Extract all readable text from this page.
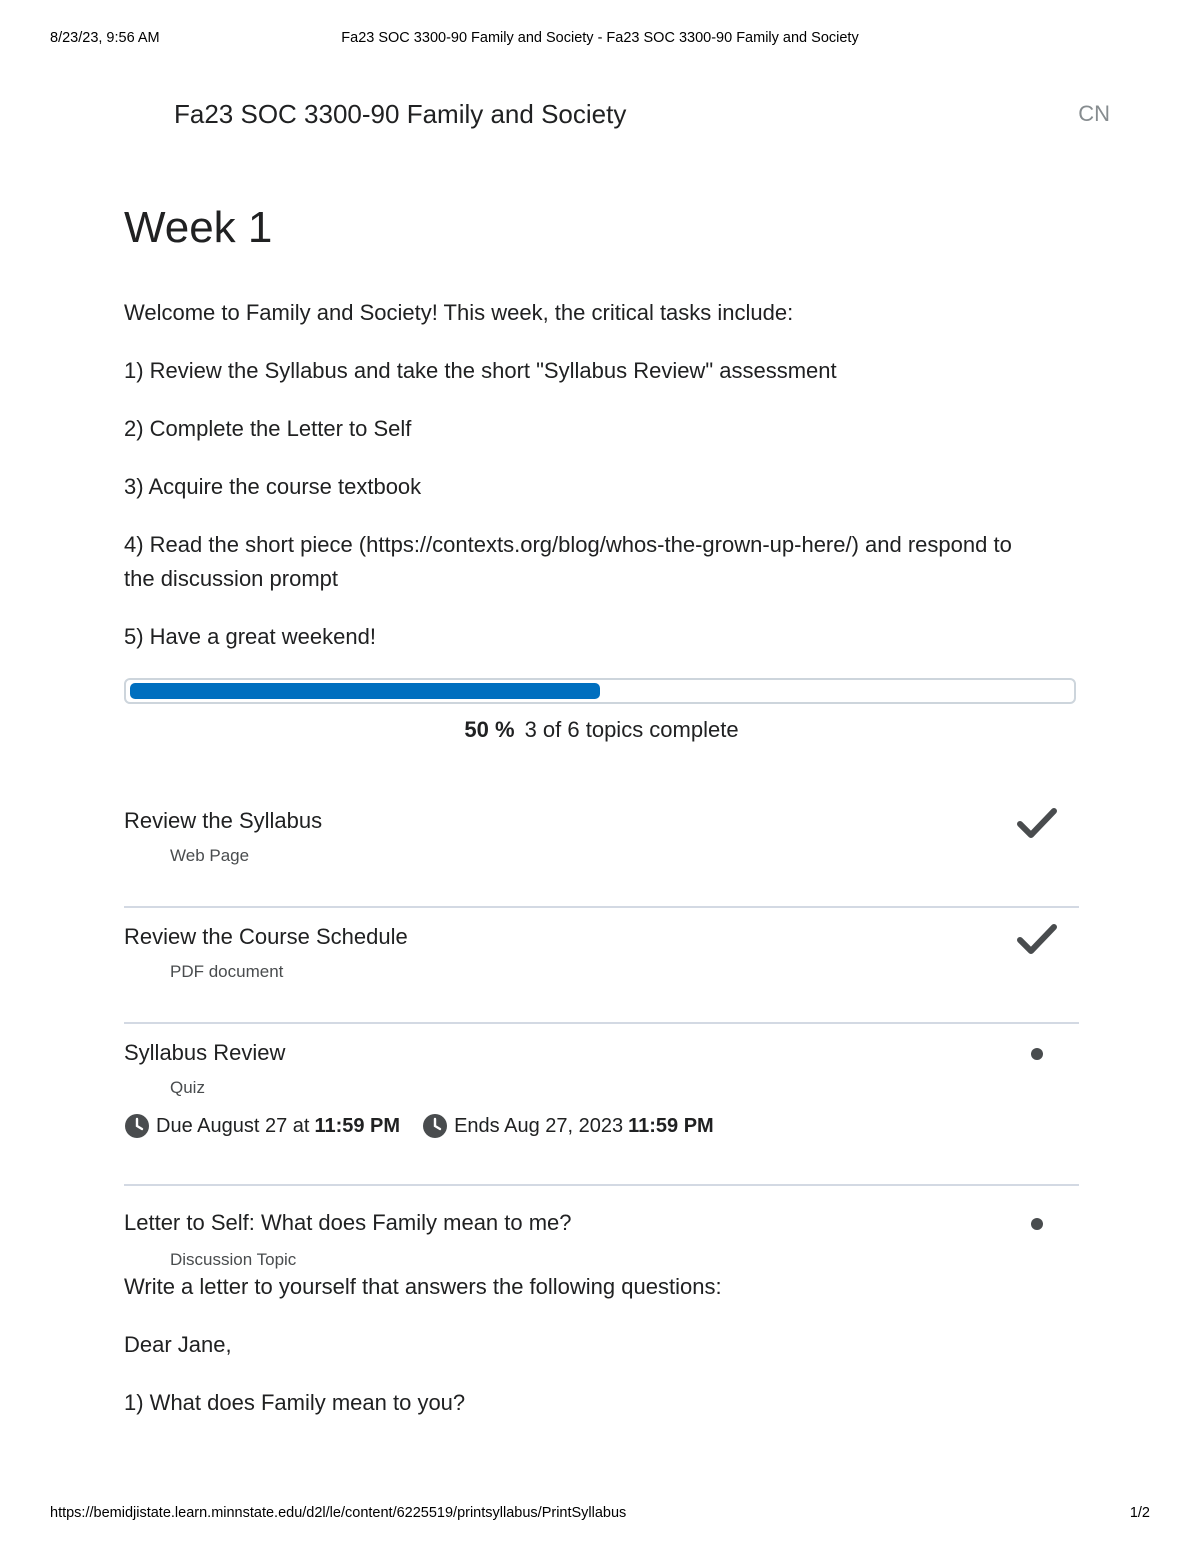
8/23/23, 9:56 AM	Fa23 SOC 3300-90 Family and Society - Fa23 SOC 3300-90 Family and Society
Fa23 SOC 3300-90 Family and Society	CN
Week 1

Welcome to Family and Society! This week, the critical tasks include:

1) Review the Syllabus and take the short "Syllabus Review" assessment

2) Complete the Letter to Self

3) Acquire the course textbook

4) Read the short piece (https://contexts.org/blog/whos-the-grown-up-here/) and respond to the discussion prompt

5) Have a great weekend!

50 % 3 of 6 topics complete
Review the Syllabus
Web Page
Review the Course Schedule
PDF document
Syllabus Review
Quiz
Due August 27 at 11:59 PM	Ends Aug 27, 2023 11:59 PM
Letter to Self: What does Family mean to me?
Discussion Topic

Write a letter to yourself that answers the following questions:

Dear Jane,

1) What does Family mean to you?

https://bemidjistate.learn.minnstate.edu/d2l/le/content/6225519/printsyllabus/PrintSyllabus	1/2
